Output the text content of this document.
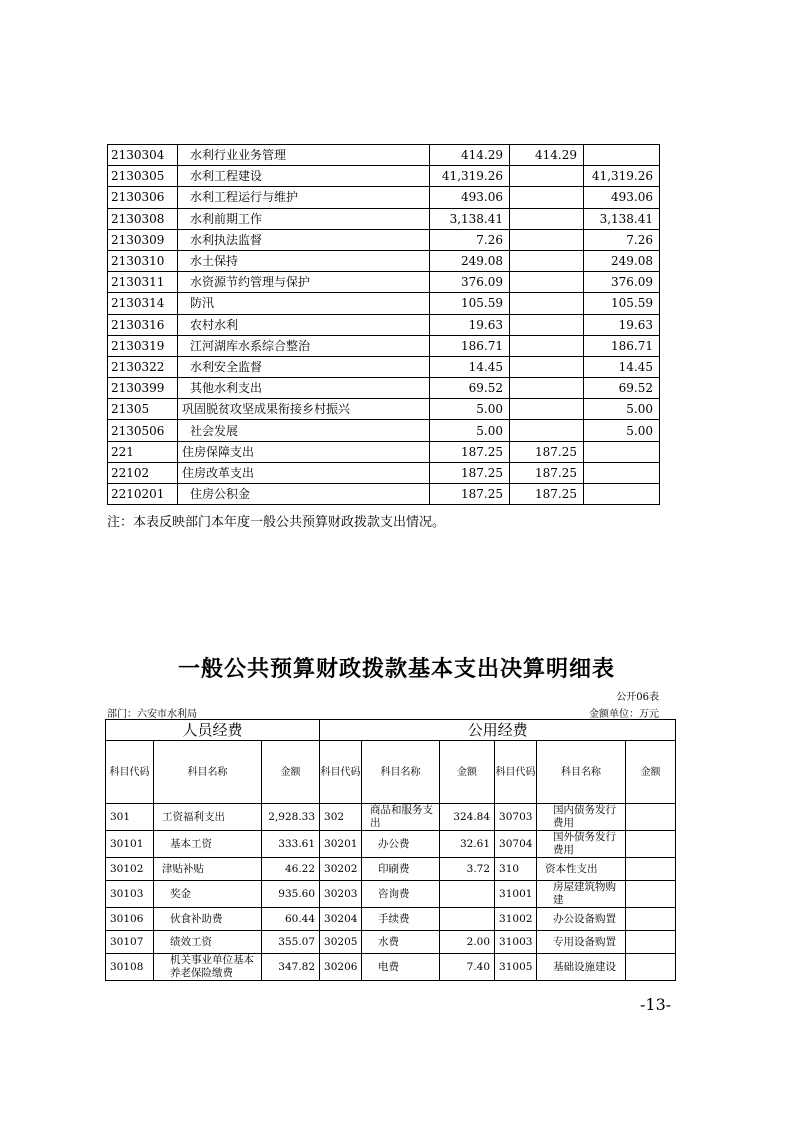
2130304	水利行业业务管理	414.29	414.29	
2130305	水利工程建设	41,319.26		41,319.26
2130306	水利工程运行与维护	493.06		493.06
2130308	水利前期工作	3,138.41		3,138.41
2130309	水利执法监督	7.26		7.26
2130310	水土保持	249.08		249.08
2130311	水资源节约管理与保护	376.09		376.09
2130314	防汛	105.59		105.59
2130316	农村水利	19.63		19.63
2130319	江河湖库水系综合整治	186.71		186.71
2130322	水利安全监督	14.45		14.45
2130399	其他水利支出	69.52		69.52
21305	巩固脱贫攻坚成果衔接乡村振兴	5.00		5.00
2130506	社会发展	5.00		5.00
221	住房保障支出	187.25	187.25	
22102	住房改革支出	187.25	187.25	
2210201	住房公积金	187.25	187.25	
注：本表反映部门本年度一般公共预算财政拨款支出情况。
一般公共预算财政拨款基本支出决算明细表
公开06表
部门：六安市水利局	金额单位：万元
人员经费			公用经费					
科目代码	科目名称	金额	科目代码	科目名称	金额	科目代码	科目名称	金额
301	工资福利支出	2,928.33	302	商品和服务支出	324.84	30703	国内债务发行费用	
30101	基本工资	333.61	30201	办公费	32.61	30704	国外债务发行费用	
30102	津贴补贴	46.22	30202	印刷费	3.72	310	资本性支出	
30103	奖金	935.60	30203	咨询费		31001	房屋建筑物购建	
30106	伙食补助费	60.44	30204	手续费		31002	办公设备购置	
30107	绩效工资	355.07	30205	水费	2.00	31003	专用设备购置	
30108	机关事业单位基本养老保险缴费	347.82	30206	电费	7.40	31005	基础设施建设	
-13-
